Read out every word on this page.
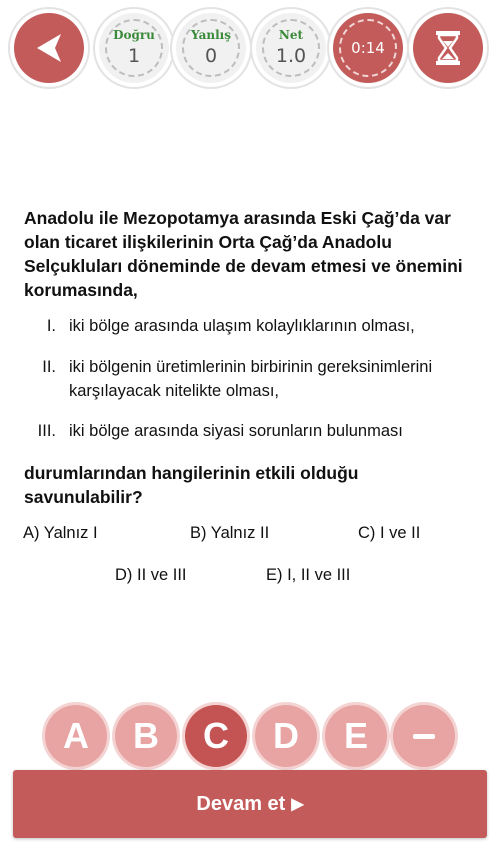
Doğru
1
Yanlış
0
Net
1.0	0:14
Anadolu ile Mezopotamya arasında Eski Çağ’da var olan ticaret ilişkilerinin Orta Çağ’da Anadolu Selçukluları döneminde de devam etmesi ve önemini korumasında,
I. iki bölge arasında ulaşım kolaylıklarının olması,
II. iki bölgenin üretimlerinin birbirinin gereksinimlerini karşılayacak nitelikte olması,
III. iki bölge arasında siyasi sorunların bulunması
durumlarından hangilerinin etkili olduğu savunulabilir?
A) Yalnız I	B) Yalnız II	C) I ve II
D) II ve III	E) I, II ve III
A	B	C	D	E
Devam et ▶
